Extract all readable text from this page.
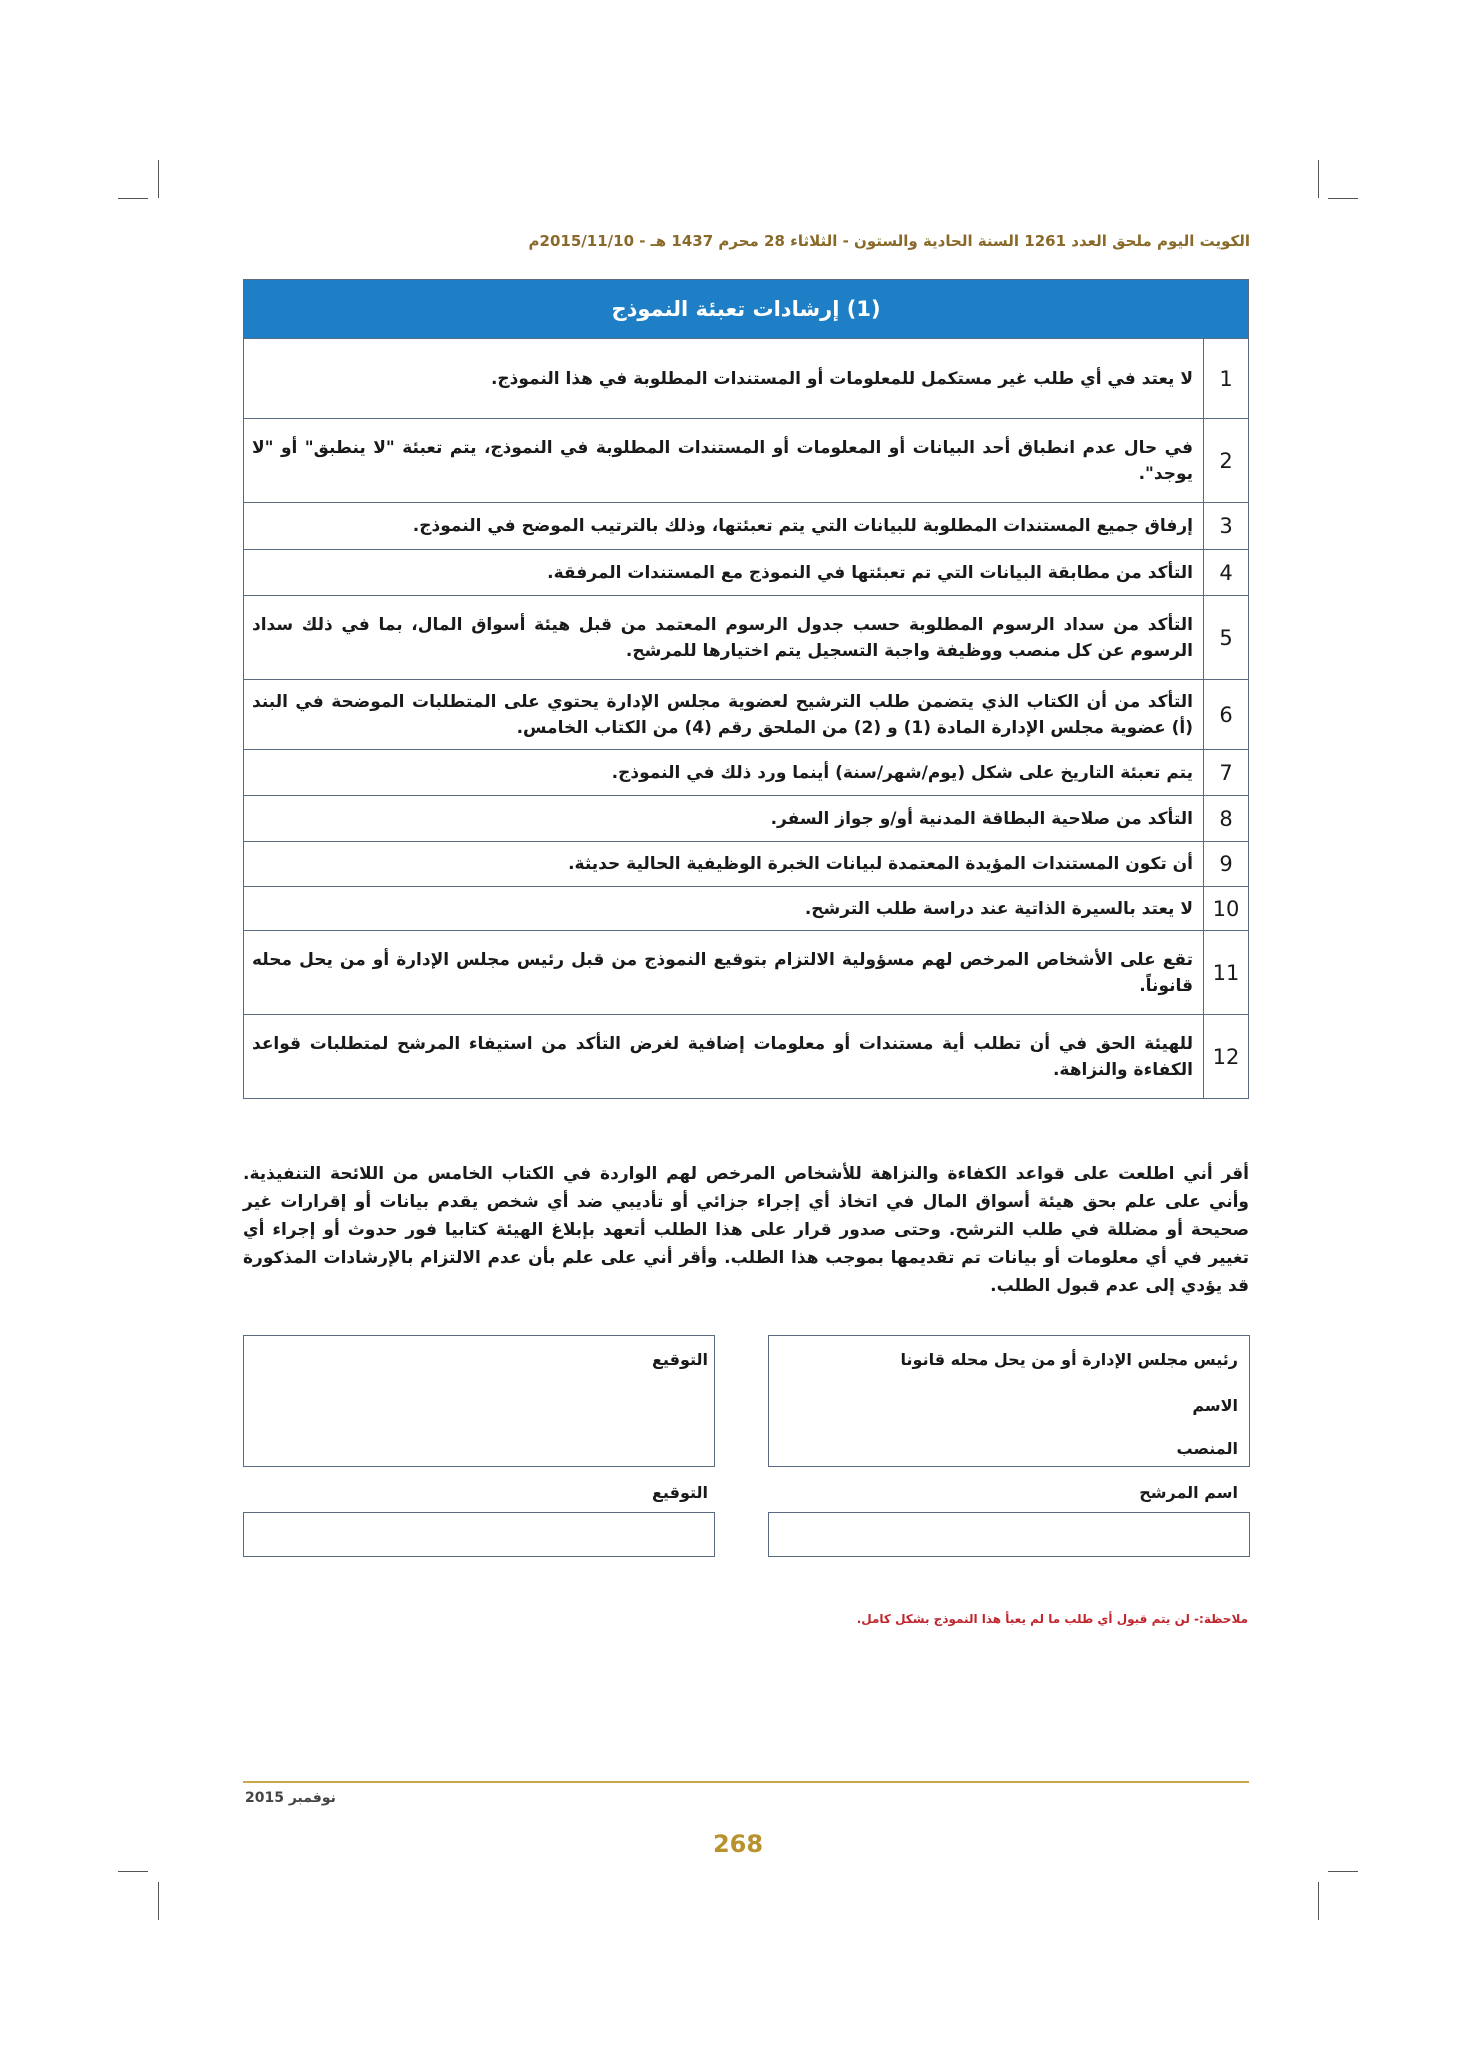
الكويت اليوم ملحق العدد 1261 السنة الحادية والستون - الثلاثاء 28 محرم 1437 هـ - 2015/11/10م
(1) إرشادات تعبئة النموذج	
1	لا يعتد في أي طلب غير مستكمل للمعلومات أو المستندات المطلوبة في هذا النموذج.
2	في حال عدم انطباق أحد البيانات أو المعلومات أو المستندات المطلوبة في النموذج، يتم تعبئة "لا ينطبق" أو "لا يوجد".
3	إرفاق جميع المستندات المطلوبة للبيانات التي يتم تعبئتها، وذلك بالترتيب الموضح في النموذج.
4	التأكد من مطابقة البيانات التي تم تعبئتها في النموذج مع المستندات المرفقة.
5	التأكد من سداد الرسوم المطلوبة حسب جدول الرسوم المعتمد من قبل هيئة أسواق المال، بما في ذلك سداد الرسوم عن كل منصب ووظيفة واجبة التسجيل يتم اختيارها للمرشح.
6	التأكد من أن الكتاب الذي يتضمن طلب الترشيح لعضوية مجلس الإدارة يحتوي على المتطلبات الموضحة في البند (أ) عضوية مجلس الإدارة المادة (1) و (2) من الملحق رقم (4) من الكتاب الخامس.
7	يتم تعبئة التاريخ على شكل (يوم/شهر/سنة) أينما ورد ذلك في النموذج.
8	التأكد من صلاحية البطاقة المدنية أو/و جواز السفر.
9	أن تكون المستندات المؤيدة المعتمدة لبيانات الخبرة الوظيفية الحالية حديثة.
10	لا يعتد بالسيرة الذاتية عند دراسة طلب الترشح.
11	تقع على الأشخاص المرخص لهم مسؤولية الالتزام بتوقيع النموذج من قبل رئيس مجلس الإدارة أو من يحل محله قانوناً.
12	للهيئة الحق في أن تطلب أية مستندات أو معلومات إضافية لغرض التأكد من استيفاء المرشح لمتطلبات قواعد الكفاءة والنزاهة.
أقر أني اطلعت على قواعد الكفاءة والنزاهة للأشخاص المرخص لهم الواردة في الكتاب الخامس من اللائحة التنفيذية. وأني على علم بحق هيئة أسواق المال في اتخاذ أي إجراء جزائي أو تأديبي ضد أي شخص يقدم بيانات أو إقرارات غير صحيحة أو مضللة في طلب الترشح. وحتى صدور قرار على هذا الطلب أتعهد بإبلاغ الهيئة كتابيا فور حدوث أو إجراء أي تغيير في أي معلومات أو بيانات تم تقديمها بموجب هذا الطلب. وأقر أني على علم بأن عدم الالتزام بالإرشادات المذكورة قد يؤدي إلى عدم قبول الطلب.
رئيس مجلس الإدارة أو من يحل محله قانونا
الاسم
المنصب
التوقيع
اسم المرشح
التوقيع
ملاحظة:- لن يتم قبول أي طلب ما لم يعبأ هذا النموذج بشكل كامل.
نوفمبر 2015
268
